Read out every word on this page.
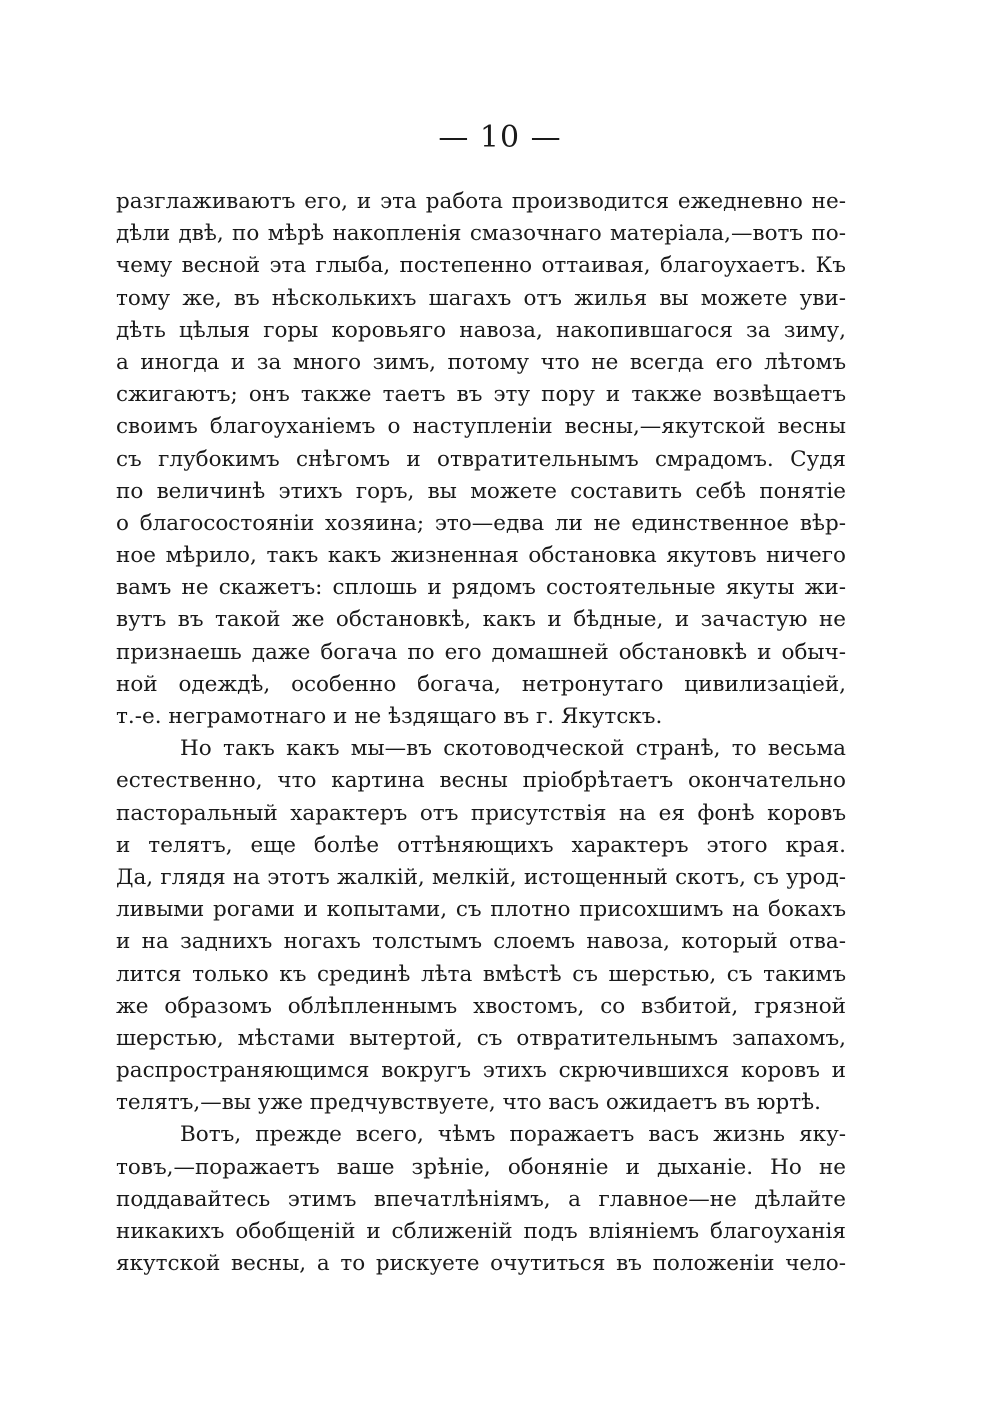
— 10 —
разглаживаютъ его, и эта работа производится ежедневно не-
дѣли двѣ, по мѣрѣ накопленія смазочнаго матеріала,—вотъ по-
чему весной эта глыба, постепенно оттаивая, благоухаетъ. Къ
тому же, въ нѣсколькихъ шагахъ отъ жилья вы можете уви-
дѣть цѣлыя горы коровьяго навоза, накопившагося за зиму,
а иногда и за много зимъ, потому что не всегда его лѣтомъ
сжигаютъ; онъ также таетъ въ эту пору и также возвѣщаетъ
своимъ благоуханіемъ о наступленіи весны,—якутской весны
съ глубокимъ снѣгомъ и отвратительнымъ смрадомъ. Судя
по величинѣ этихъ горъ, вы можете составить себѣ понятіе
о благосостояніи хозяина; это—едва ли не единственное вѣр-
ное мѣрило, такъ какъ жизненная обстановка якутовъ ничего
вамъ не скажетъ: сплошь и рядомъ состоятельные якуты жи-
вутъ въ такой же обстановкѣ, какъ и бѣдные, и зачастую не
признаешь даже богача по его домашней обстановкѣ и обыч-
ной одеждѣ, особенно богача, нетронутаго цивилизаціей,
т.-е. неграмотнаго и не ѣздящаго въ г. Якутскъ.
Но такъ какъ мы—въ скотоводческой странѣ, то весьма
естественно, что картина весны пріобрѣтаетъ окончательно
пасторальный характеръ отъ присутствія на ея фонѣ коровъ
и телятъ, еще болѣе оттѣняющихъ характеръ этого края.
Да, глядя на этотъ жалкій, мелкій, истощенный скотъ, съ урод-
ливыми рогами и копытами, съ плотно присохшимъ на бокахъ
и на заднихъ ногахъ толстымъ слоемъ навоза, который отва-
лится только къ срединѣ лѣта вмѣстѣ съ шерстью, съ такимъ
же образомъ облѣпленнымъ хвостомъ, со взбитой, грязной
шерстью, мѣстами вытертой, съ отвратительнымъ запахомъ,
распространяющимся вокругъ этихъ скрючившихся коровъ и
телятъ,—вы уже предчувствуете, что васъ ожидаетъ въ юртѣ.
Вотъ, прежде всего, чѣмъ поражаетъ васъ жизнь яку-
товъ,—поражаетъ ваше зрѣніе, обоняніе и дыханіе. Но не
поддавайтесь этимъ впечатлѣніямъ, а главное—не дѣлайте
никакихъ обобщеній и сближеній подъ вліяніемъ благоуханія
якутской весны, а то рискуете очутиться въ положеніи чело-
